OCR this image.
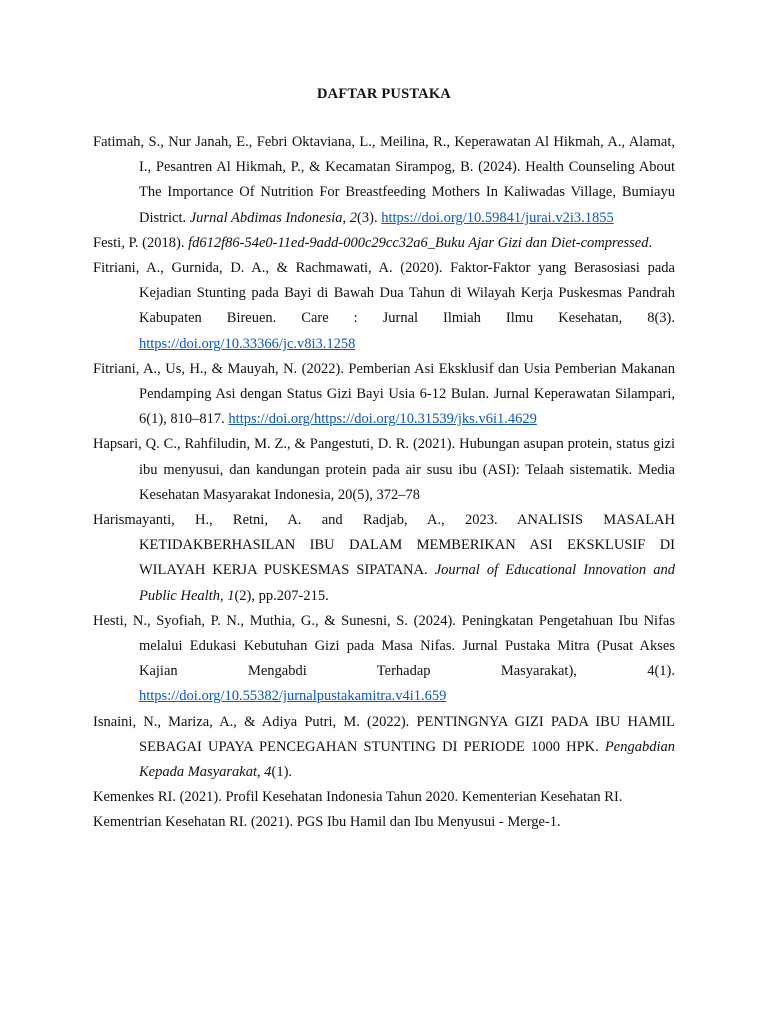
DAFTAR PUSTAKA
Fatimah, S., Nur Janah, E., Febri Oktaviana, L., Meilina, R., Keperawatan Al Hikmah, A., Alamat, I., Pesantren Al Hikmah, P., & Kecamatan Sirampog, B. (2024). Health Counseling About The Importance Of Nutrition For Breastfeeding Mothers In Kaliwadas Village, Bumiayu District. Jurnal Abdimas Indonesia, 2(3). https://doi.org/10.59841/jurai.v2i3.1855
Festi, P. (2018). fd612f86-54e0-11ed-9add-000c29cc32a6_Buku Ajar Gizi dan Diet-compressed.
Fitriani, A., Gurnida, D. A., & Rachmawati, A. (2020). Faktor-Faktor yang Berasosiasi pada Kejadian Stunting pada Bayi di Bawah Dua Tahun di Wilayah Kerja Puskesmas Pandrah Kabupaten Bireuen. Care : Jurnal Ilmiah Ilmu Kesehatan, 8(3). https://doi.org/10.33366/jc.v8i3.1258
Fitriani, A., Us, H., & Mauyah, N. (2022). Pemberian Asi Eksklusif dan Usia Pemberian Makanan Pendamping Asi dengan Status Gizi Bayi Usia 6-12 Bulan. Jurnal Keperawatan Silampari, 6(1), 810–817. https://doi.org/https://doi.org/10.31539/jks.v6i1.4629
Hapsari, Q. C., Rahfiludin, M. Z., & Pangestuti, D. R. (2021). Hubungan asupan protein, status gizi ibu menyusui, dan kandungan protein pada air susu ibu (ASI): Telaah sistematik. Media Kesehatan Masyarakat Indonesia, 20(5), 372–78
Harismayanti, H., Retni, A. and Radjab, A., 2023. ANALISIS MASALAH KETIDAKBERHASILAN IBU DALAM MEMBERIKAN ASI EKSKLUSIF DI WILAYAH KERJA PUSKESMAS SIPATANA. Journal of Educational Innovation and Public Health, 1(2), pp.207-215.
Hesti, N., Syofiah, P. N., Muthia, G., & Sunesni, S. (2024). Peningkatan Pengetahuan Ibu Nifas melalui Edukasi Kebutuhan Gizi pada Masa Nifas. Jurnal Pustaka Mitra (Pusat Akses Kajian Mengabdi Terhadap Masyarakat), 4(1). https://doi.org/10.55382/jurnalpustakamitra.v4i1.659
Isnaini, N., Mariza, A., & Adiya Putri, M. (2022). PENTINGNYA GIZI PADA IBU HAMIL SEBAGAI UPAYA PENCEGAHAN STUNTING DI PERIODE 1000 HPK. Pengabdian Kepada Masyarakat, 4(1).
Kemenkes RI. (2021). Profil Kesehatan Indonesia Tahun 2020. Kementerian Kesehatan RI.
Kementrian Kesehatan RI. (2021). PGS Ibu Hamil dan Ibu Menyusui - Merge-1.
